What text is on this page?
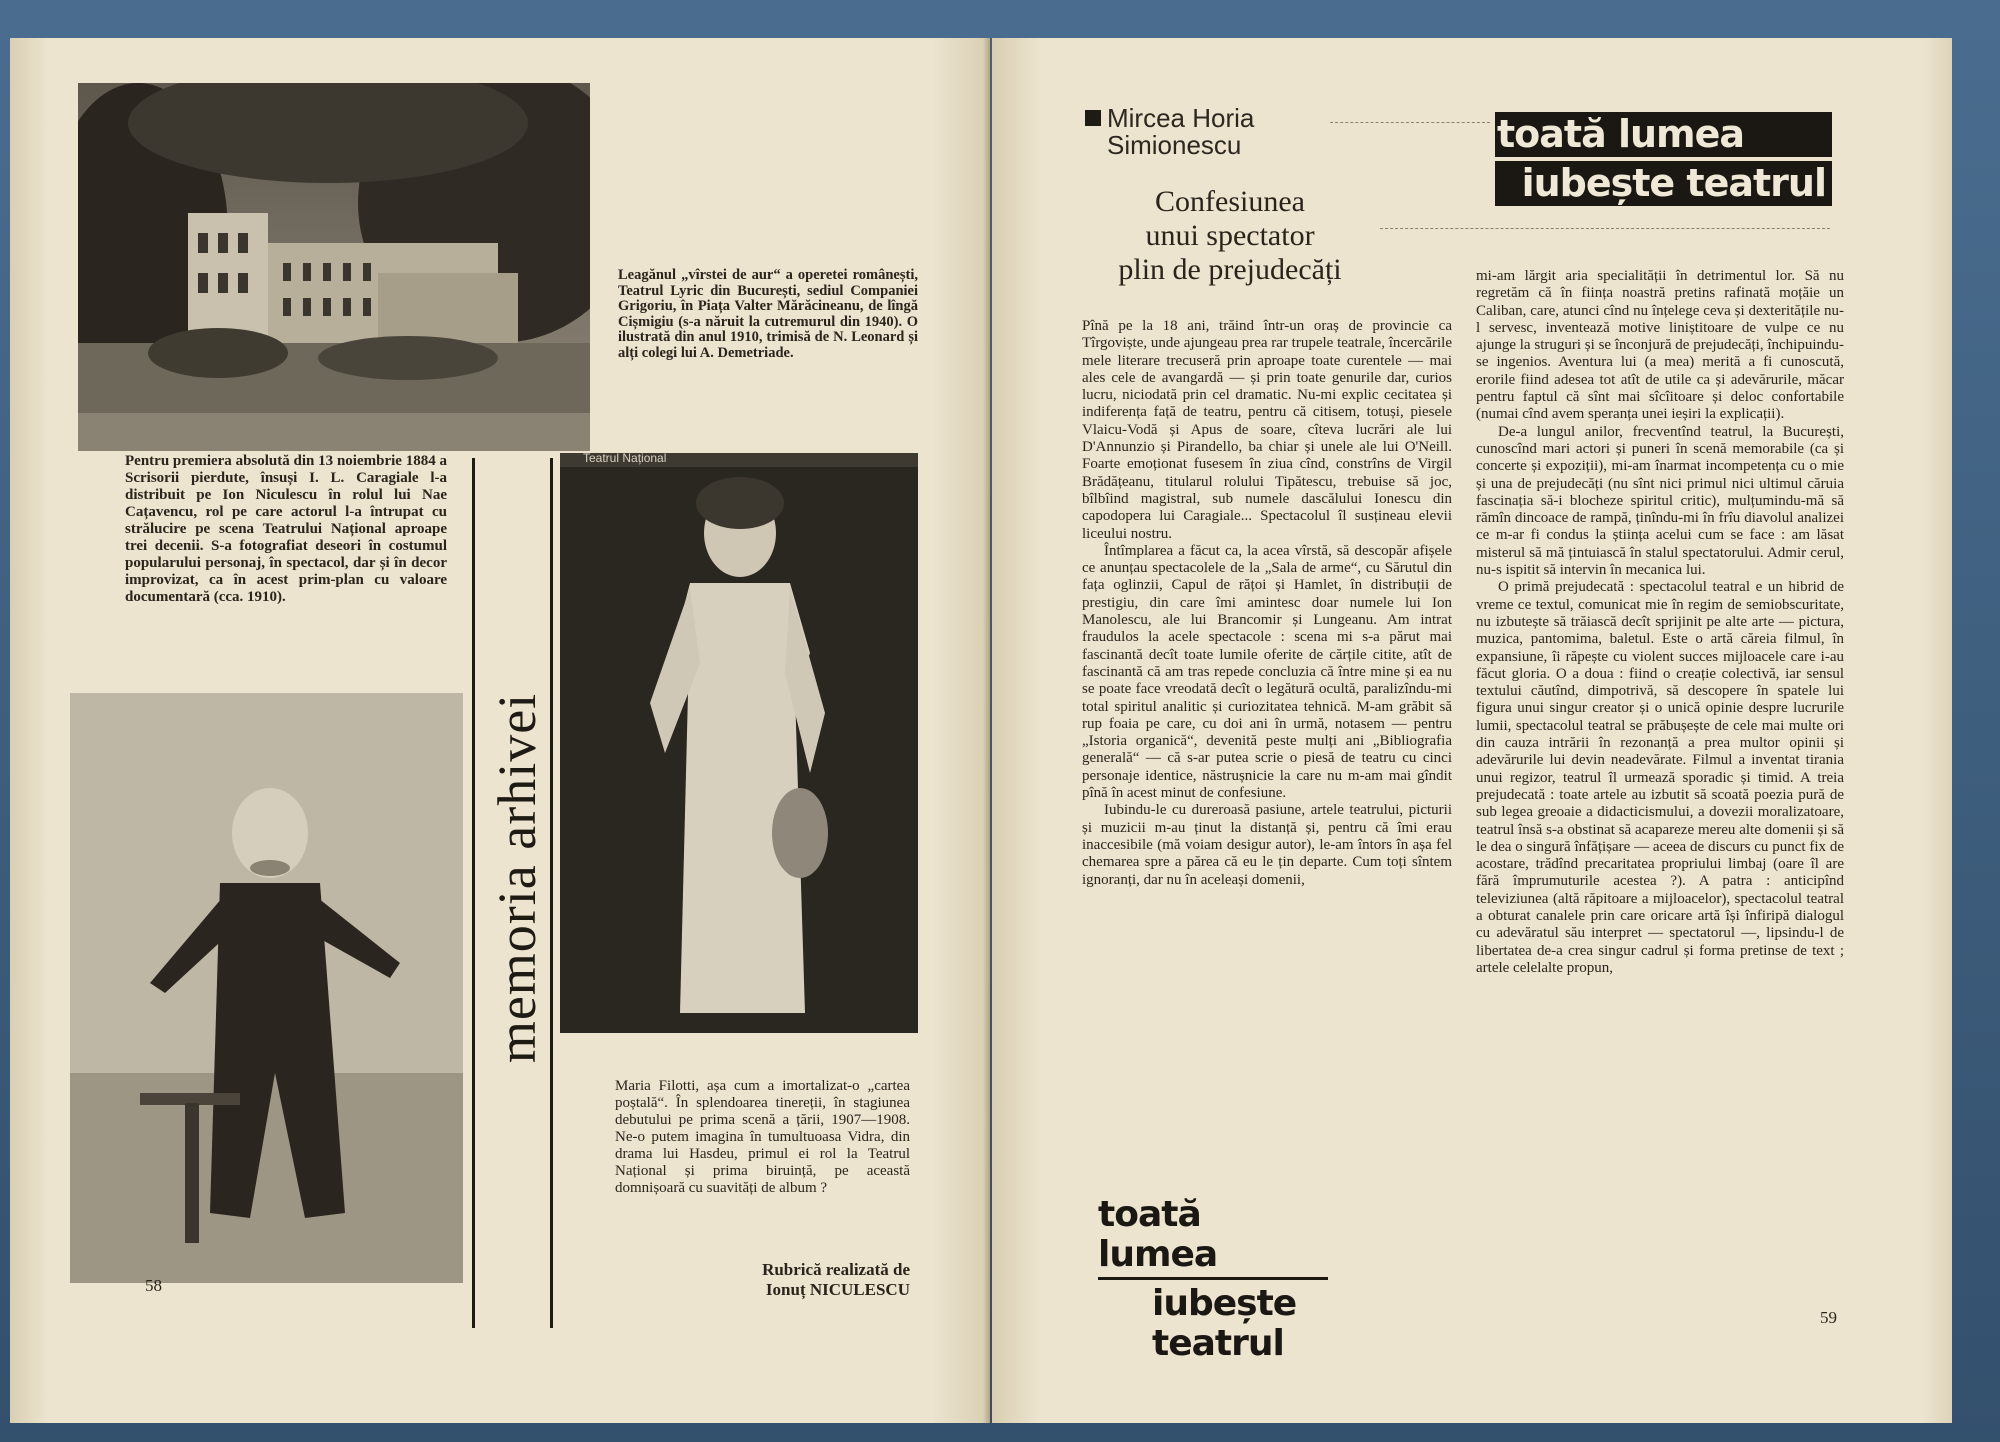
Leagănul „vîrstei de aur“ a operetei românești, Teatrul Lyric din București, sediul Companiei Grigoriu, în Piața Valter Mărăcineanu, de lîngă Cișmigiu (s-a năruit la cutremurul din 1940). O ilustrată din anul 1910, trimisă de N. Leonard și alți colegi lui A. Demetriade.
Pentru premiera absolută din 13 noiembrie 1884 a Scrisorii pierdute, însuși I. L. Caragiale l-a distribuit pe Ion Niculescu în rolul lui Nae Cațavencu, rol pe care actorul l-a întrupat cu strălucire pe scena Teatrului Național aproape trei decenii. S-a fotografiat deseori în costumul popularului personaj, în spectacol, dar și în decor improvizat, ca în acest prim-plan cu valoare documentară (cca. 1910).
memoria arhivei
Teatrul Național
Maria Filotti, așa cum a imortalizat-o „cartea poștală“. În splendoarea tinereții, în stagiunea debutului pe prima scenă a țării, 1907—1908. Ne-o putem imagina în tumultuoasa Vidra, din drama lui Hasdeu, primul ei rol la Teatrul Național și prima biruință, pe această domnișoară cu suavități de album ?
Rubrică realizată de
Ionuț NICULESCU
58
Mircea Horia
Simionescu
Confesiunea
unui spectator
plin de prejudecăți
toată lumea
iubește teatrul

Pînă pe la 18 ani, trăind într-un oraș de provincie ca Tîrgoviște, unde ajungeau prea rar trupele teatrale, încercările mele literare trecuseră prin aproape toate curentele — mai ales cele de avangardă — și prin toate genurile dar, curios lucru, niciodată prin cel dramatic. Nu-mi explic cecitatea și indiferența față de teatru, pentru că citisem, totuși, piesele Vlaicu-Vodă și Apus de soare, cîteva lucrări ale lui D'Annunzio și Pirandello, ba chiar și unele ale lui O'Neill. Foarte emoționat fusesem în ziua cînd, constrîns de Virgil Brădățeanu, titularul rolului Tipătescu, trebuise să joc, bîlbîind magistral, sub numele dascălului Ionescu din capodopera lui Caragiale... Spectacolul îl susțineau elevii liceului nostru.

Întîmplarea a făcut ca, la acea vîrstă, să descopăr afișele ce anunțau spectacolele de la „Sala de arme“, cu Sărutul din fața oglinzii, Capul de rățoi și Hamlet, în distribuții de prestigiu, din care îmi amintesc doar numele lui Ion Manolescu, ale lui Brancomir și Lungeanu. Am intrat fraudulos la acele spectacole : scena mi s-a părut mai fascinantă decît toate lumile oferite de cărțile citite, atît de fascinantă că am tras repede concluzia că între mine și ea nu se poate face vreodată decît o legătură ocultă, paralizîndu-mi total spiritul analitic și curiozitatea tehnică. M-am grăbit să rup foaia pe care, cu doi ani în urmă, notasem — pentru „Istoria organică“, devenită peste mulți ani „Bibliografia generală“ — că s-ar putea scrie o piesă de teatru cu cinci personaje identice, năstrușnicie la care nu m-am mai gîndit pînă în acest minut de confesiune.

Iubindu-le cu dureroasă pasiune, artele teatrului, picturii și muzicii m-au ținut la distanță și, pentru că îmi erau inaccesibile (mă voiam desigur autor), le-am întors în așa fel chemarea spre a părea că eu le țin departe. Cum toți sîntem ignoranți, dar nu în aceleași domenii,

mi-am lărgit aria specialității în detrimentul lor. Să nu regretăm că în ființa noastră pretins rafinată moțăie un Caliban, care, atunci cînd nu înțelege ceva și dexteritățile nu-l servesc, inventează motive liniștitoare de vulpe ce nu ajunge la struguri și se înconjură de prejudecăți, închipuindu-se ingenios. Aventura lui (a mea) merită a fi cunoscută, erorile fiind adesea tot atît de utile ca și adevărurile, măcar pentru faptul că sînt mai sîcîitoare și deloc confortabile (numai cînd avem speranța unei ieșiri la explicații).

De-a lungul anilor, frecventînd teatrul, la București, cunoscînd mari actori și puneri în scenă memorabile (ca și concerte și expoziții), mi-am înarmat incompetența cu o mie și una de prejudecăți (nu sînt nici primul nici ultimul căruia fascinația să-i blocheze spiritul critic), mulțumindu-mă să rămîn dincoace de rampă, ținîndu-mi în frîu diavolul analizei ce m-ar fi condus la știința acelui cum se face : am lăsat misterul să mă țintuiască în stalul spectatorului. Admir cerul, nu-s ispitit să intervin în mecanica lui.

O primă prejudecată : spectacolul teatral e un hibrid de vreme ce textul, comunicat mie în regim de semiobscuritate, nu izbutește să trăiască decît sprijinit pe alte arte — pictura, muzica, pantomima, baletul. Este o artă căreia filmul, în expansiune, îi răpește cu violent succes mijloacele care i-au făcut gloria. O a doua : fiind o creație colectivă, iar sensul textului căutînd, dimpotrivă, să descopere în spatele lui figura unui singur creator și o unică opinie despre lucrurile lumii, spectacolul teatral se prăbușește de cele mai multe ori din cauza intrării în rezonanță a prea multor opinii și adevărurile lui devin neadevărate. Filmul a inventat tirania unui regizor, teatrul îl urmează sporadic și timid. A treia prejudecată : toate artele au izbutit să scoată poezia pură de sub legea greoaie a didacticismului, a dovezii moralizatoare, teatrul însă s-a obstinat să acapareze mereu alte domenii și să le dea o singură înfățișare — aceea de discurs cu punct fix de acostare, trădînd precaritatea propriului limbaj (oare îl are fără împrumuturile acestea ?). A patra : anticipînd televiziunea (altă răpitoare a mijloacelor), spectacolul teatral a obturat canalele prin care oricare artă își înfiripă dialogul cu adevăratul său interpret — spectatorul —, lipsindu-l de libertatea de-a crea singur cadrul și forma pretinse de text ; artele celelalte propun,

toată lumea
iubește teatrul
59
